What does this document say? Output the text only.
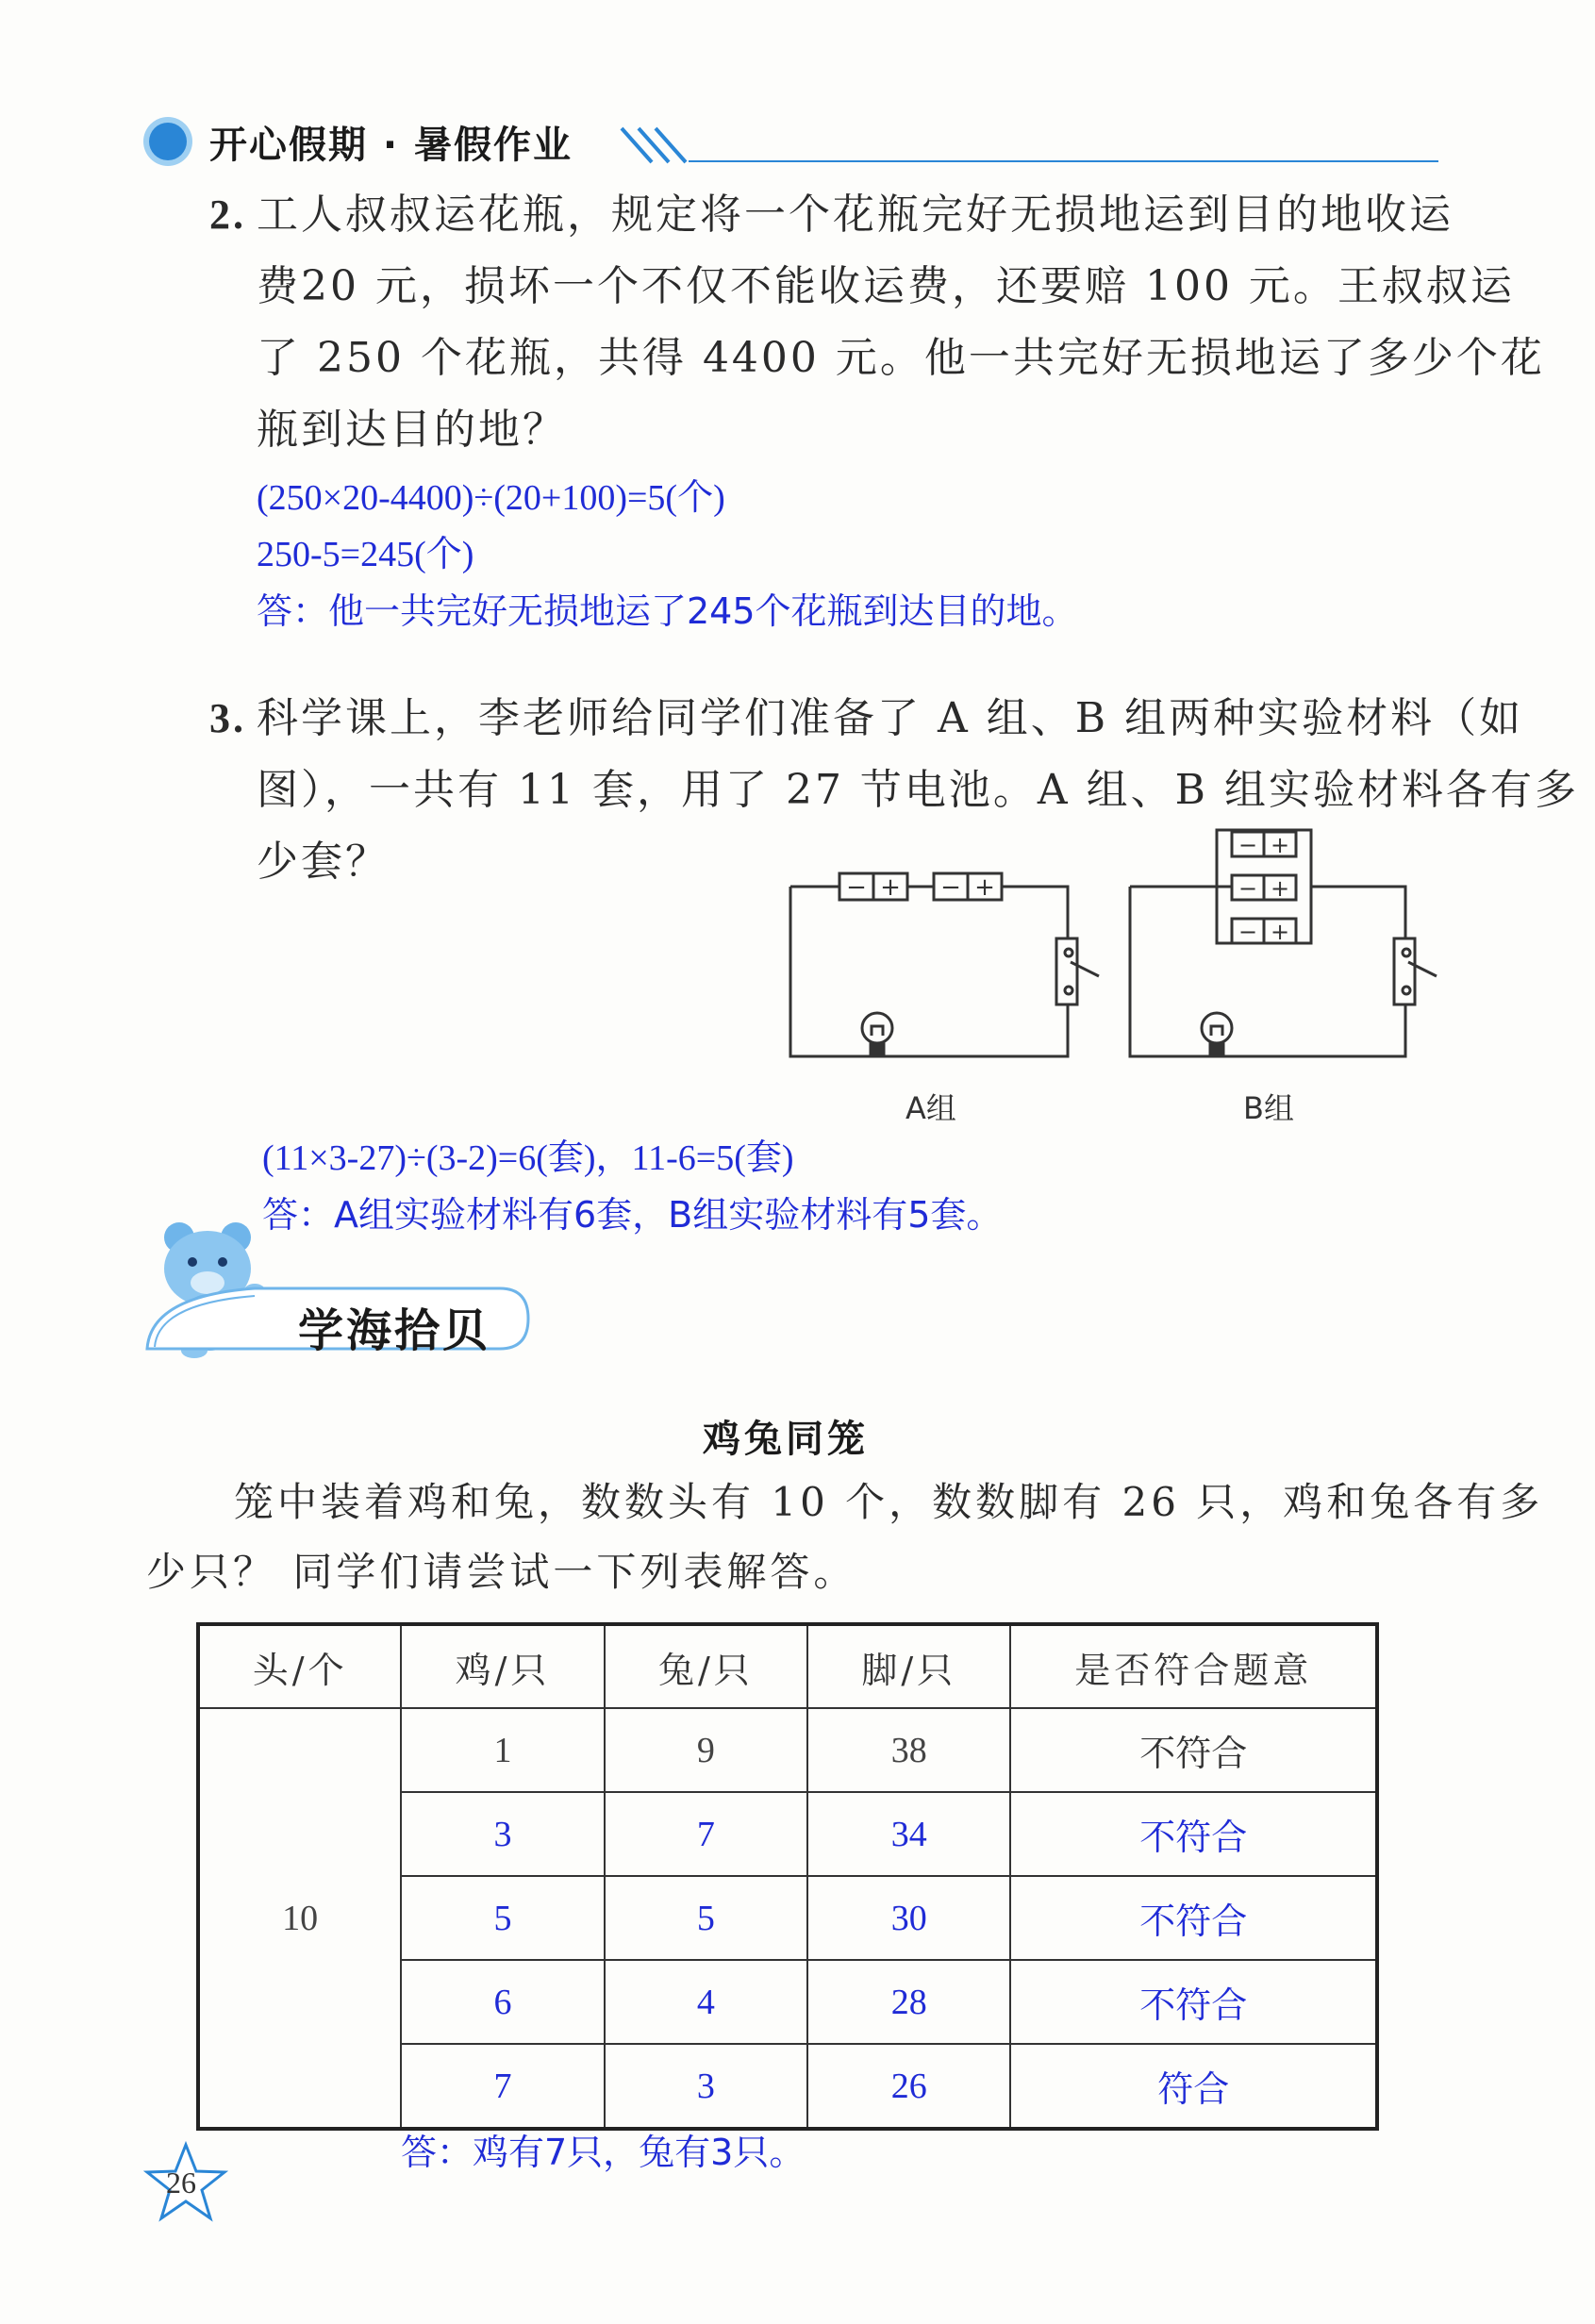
开心假期 · 暑假作业
2. 工人叔叔运花瓶，规定将一个花瓶完好无损地运到目的地收运
费20 元，损坏一个不仅不能收运费，还要赔 100 元。王叔叔运
了 250 个花瓶，共得 4400 元。他一共完好无损地运了多少个花
瓶到达目的地？
(250×20-4400)÷(20+100)=5(个)
250-5=245(个)
答：他一共完好无损地运了245个花瓶到达目的地。
3. 科学课上，李老师给同学们准备了 A 组、B 组两种实验材料（如
图），一共有 11 套，用了 27 节电池。A 组、B 组实验材料各有多
少套？
− + − +
A组
− +
− +
− +
B组
(11×3-27)÷(3-2)=6(套)，11-6=5(套)
答：A组实验材料有6套，B组实验材料有5套。
学海拾贝
鸡兔同笼
笼中装着鸡和兔，数数头有 10 个，数数脚有 26 只，鸡和兔各有多
少只？ 同学们请尝试一下列表解答。
头/个	鸡/只	兔/只	脚/只	是否符合题意
10	1	9	38	不符合
	3	7	34	不符合
	5	5	30	不符合
	6	4	28	不符合
	7	3	26	符合
答：鸡有7只，兔有3只。
26
